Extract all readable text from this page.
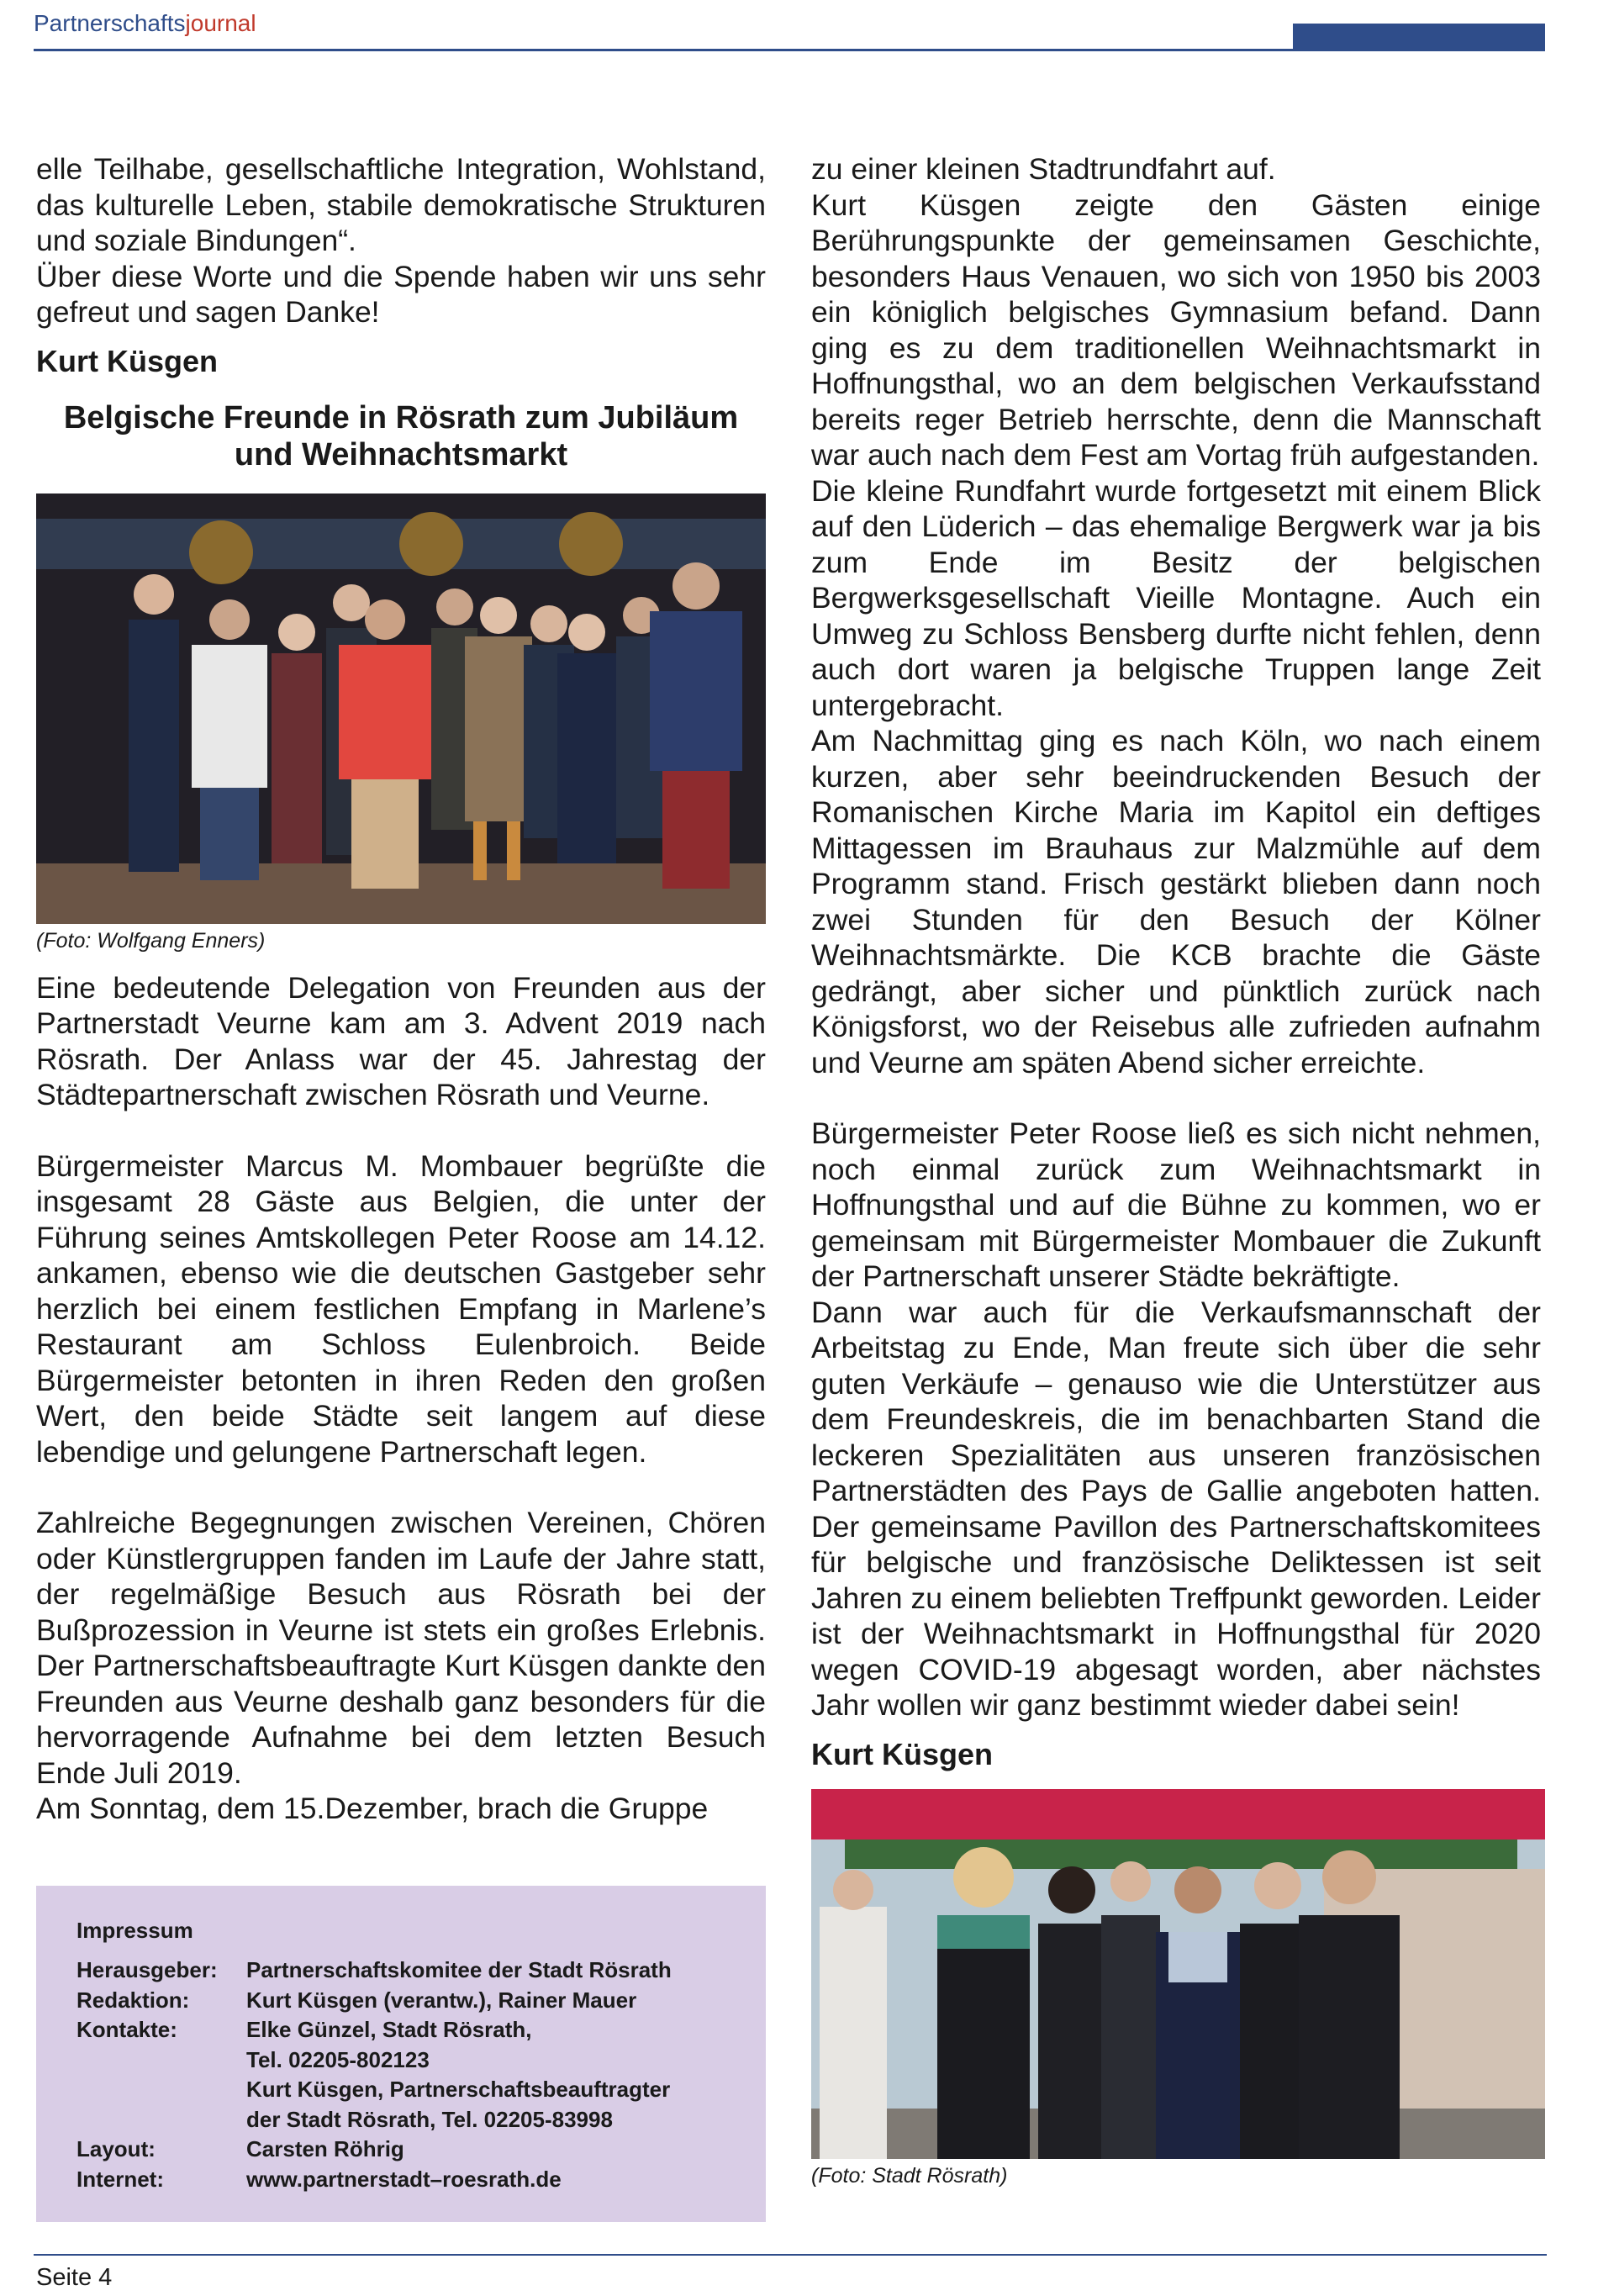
Partnerschaftsjournal

elle Teilhabe, gesellschaftliche Integration, Wohlstand, das kulturelle Leben, stabile demokratische Strukturen und soziale Bindungen“.

Über diese Worte und die Spende haben wir uns sehr gefreut und sagen Danke!

Kurt Küsgen
Belgische Freunde in Rösrath zum Jubiläum und Weihnachtsmarkt
(Foto: Wolfgang Enners)

Eine bedeutende Delegation von Freunden aus der Partnerstadt Veurne kam am 3. Advent 2019 nach Rösrath. Der Anlass war der 45. Jahrestag der Städtepartnerschaft zwischen Rösrath und Veurne.

Bürgermeister Marcus M. Mombauer begrüßte die insgesamt 28 Gäste aus Belgien, die unter der Führung seines Amtskollegen Peter Roose am 14.12. ankamen, ebenso wie die deutschen Gastgeber sehr herzlich bei einem festlichen Empfang in Marlene’s Restaurant am Schloss Eulenbroich. Beide Bürgermeister betonten in ihren Reden den großen Wert, den beide Städte seit langem auf diese lebendige und gelungene Partnerschaft legen.

Zahlreiche Begegnungen zwischen Vereinen, Chören oder Künstlergruppen fanden im Laufe der Jahre statt, der regelmäßige Besuch aus Rösrath bei der Bußprozession in Veurne ist stets ein großes Erlebnis. Der Partnerschaftsbeauftragte Kurt Küsgen dankte den Freunden aus Veurne deshalb ganz besonders für die hervorragende Aufnahme bei dem letzten Besuch Ende Juli 2019.

Am Sonntag, dem 15.Dezember, brach die Gruppe

zu einer kleinen Stadtrundfahrt auf.

Kurt Küsgen zeigte den Gästen einige Berührungspunkte der gemeinsamen Geschichte, besonders Haus Venauen, wo sich von 1950 bis 2003 ein königlich belgisches Gymnasium befand. Dann ging es zu dem traditionellen Weihnachtsmarkt in Hoffnungsthal, wo an dem belgischen Verkaufsstand bereits reger Betrieb herrschte, denn die Mannschaft war auch nach dem Fest am Vortag früh aufgestanden.

Die kleine Rundfahrt wurde fortgesetzt mit einem Blick auf den Lüderich – das ehemalige Bergwerk war ja bis zum Ende im Besitz der belgischen Bergwerksgesellschaft Vieille Montagne. Auch ein Umweg zu Schloss Bensberg durfte nicht fehlen, denn auch dort waren ja belgische Truppen lange Zeit untergebracht.

Am Nachmittag ging es nach Köln, wo nach einem kurzen, aber sehr beeindruckenden Besuch der Romanischen Kirche Maria im Kapitol ein deftiges Mittagessen im Brauhaus zur Malzmühle auf dem Programm stand. Frisch gestärkt blieben dann noch zwei Stunden für den Besuch der Kölner Weihnachtsmärkte. Die KCB brachte die Gäste gedrängt, aber sicher und pünktlich zurück nach Königsforst, wo der Reisebus alle zufrieden aufnahm und Veurne am späten Abend sicher erreichte.

Bürgermeister Peter Roose ließ es sich nicht nehmen, noch einmal zurück zum Weihnachtsmarkt in Hoffnungsthal und auf die Bühne zu kommen, wo er gemeinsam mit Bürgermeister Mombauer die Zukunft der Partnerschaft unserer Städte bekräftigte.

Dann war auch für die Verkaufsmannschaft der Arbeitstag zu Ende, Man freute sich über die sehr guten Verkäufe – genauso wie die Unterstützer aus dem Freundeskreis, die im benachbarten Stand die leckeren Spezialitäten aus unseren französischen Partnerstädten des Pays de Gallie angeboten hatten. Der gemeinsame Pavillon des Partnerschaftskomitees für belgische und französische Deliktessen ist seit Jahren zu einem beliebten Treffpunkt geworden. Leider ist der Weihnachtsmarkt in Hoffnungsthal für 2020 wegen COVID-19 abgesagt worden, aber nächstes Jahr wollen wir ganz bestimmt wieder dabei sein!

Kurt Küsgen
(Foto: Stadt Rösrath)
Impressum
Herausgeber:	Partnerschaftskomitee der Stadt Rösrath
Redaktion:	Kurt Küsgen (verantw.), Rainer Mauer
Kontakte:	Elke Günzel, Stadt Rösrath,
Tel. 02205-802123
Kurt Küsgen, Partnerschaftsbeauftragter
der Stadt Rösrath, Tel. 02205-83998
Layout:	Carsten Röhrig
Internet:	www.partnerstadt–roesrath.de
Seite 4
